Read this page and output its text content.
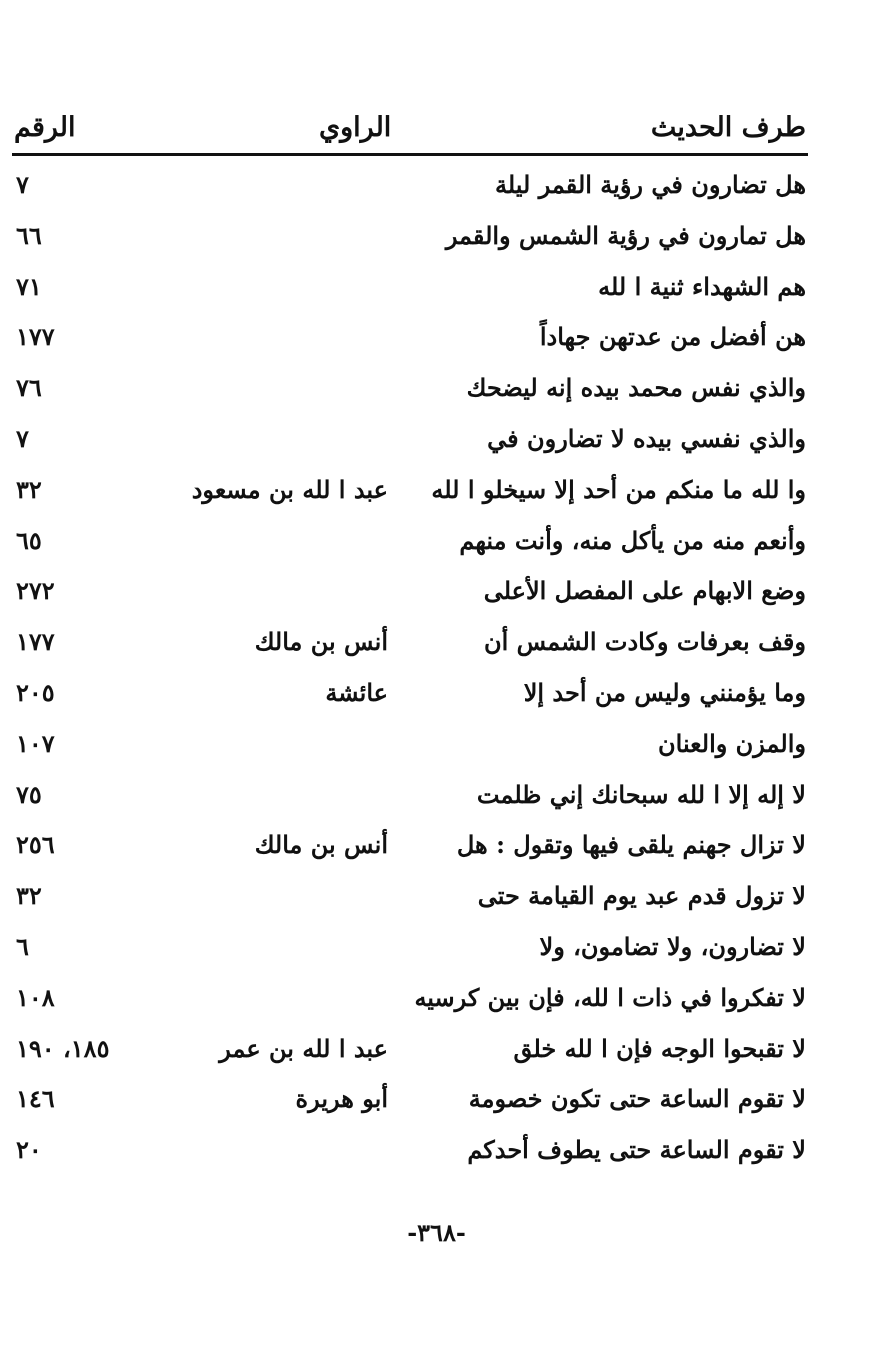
طرف الحديث
الراوي
الرقم
هل تضارون في رؤية القمر ليلة
٧
هل تمارون في رؤية الشمس والقمر
٦٦
هم الشهداء ثنية ا لله
٧١
هن أفضل من عدتهن جهاداً
١٧٧
والذي نفس محمد بيده إنه ليضحك
٧٦
والذي نفسي بيده لا تضارون في
٧
وا لله ما منكم من أحد إلا سيخلو ا لله
عبد ا لله بن مسعود
٣٢
وأنعم منه من يأكل منه، وأنت منهم
٦٥
وضع الابهام على المفصل الأعلى
٢٧٢
وقف بعرفات وكادت الشمس أن
أنس بن مالك
١٧٧
وما يؤمنني وليس من أحد إلا
عائشة
٢٠٥
والمزن والعنان
١٠٧
لا إله إلا ا لله سبحانك إني ظلمت
٧٥
لا تزال جهنم يلقى فيها وتقول : هل
أنس بن مالك
٢٥٦
لا تزول قدم عبد يوم القيامة حتى
٣٢
لا تضارون، ولا تضامون، ولا
٦
لا تفكروا في ذات ا لله، فإن بين كرسيه
١٠٨
لا تقبحوا الوجه فإن ا لله خلق
عبد ا لله بن عمر
١٨٥، ١٩٠
لا تقوم الساعة حتى تكون خصومة
أبو هريرة
١٤٦
لا تقوم الساعة حتى يطوف أحدكم
٢٠
-٣٦٨-
